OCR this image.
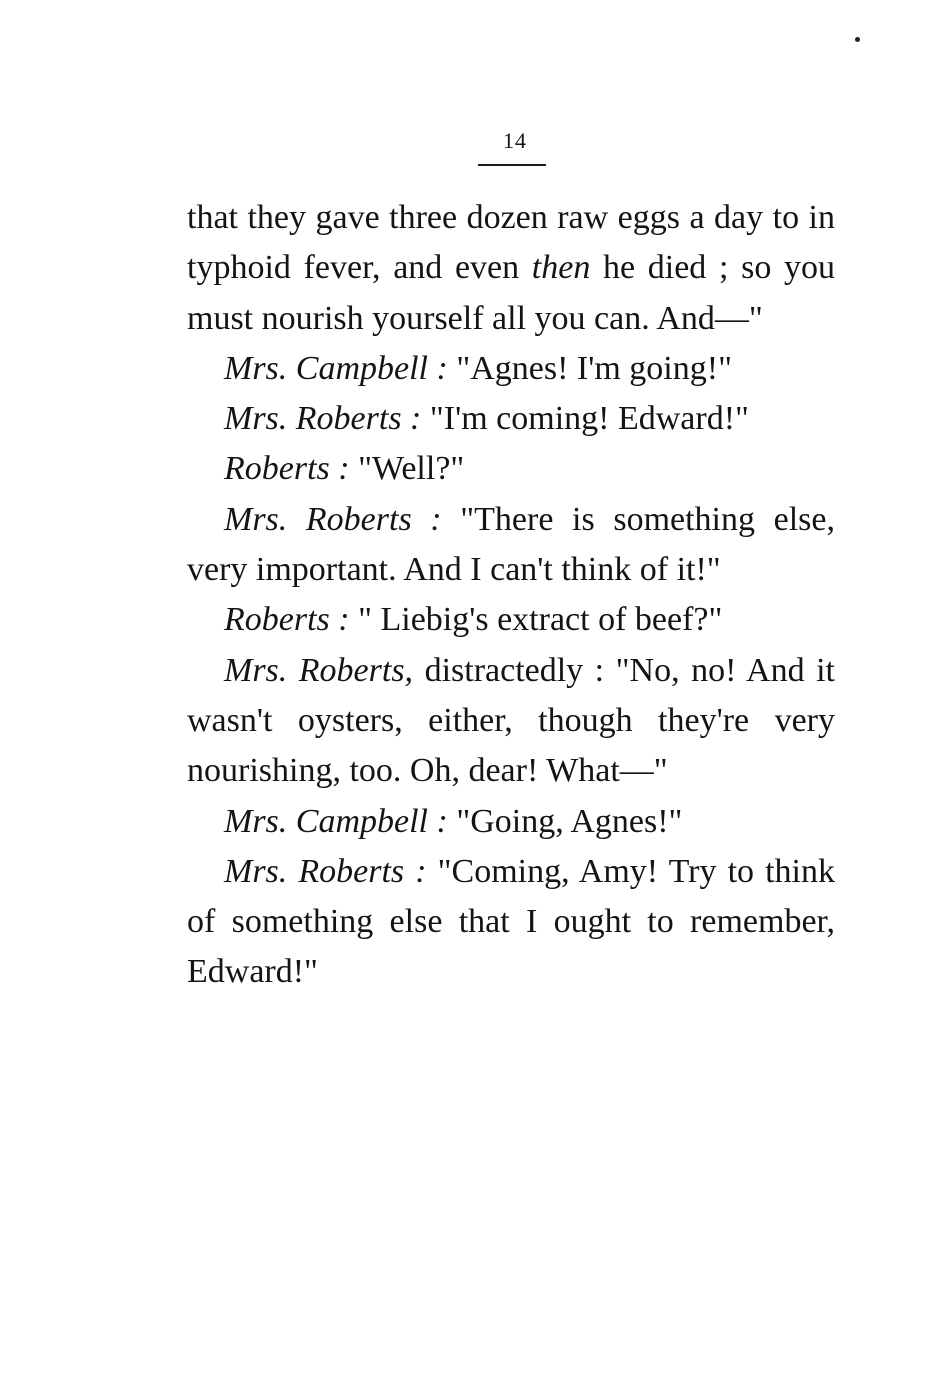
14

that they gave three dozen raw eggs a day to in typhoid fever, and even then he died ; so you must nourish yourself all you can. And—"

Mrs. Campbell : "Agnes! I'm going!"

Mrs. Roberts : "I'm coming! Edward!"

Roberts : "Well?"

Mrs. Roberts : "There is something else, very important. And I can't think of it!"

Roberts : " Liebig's extract of beef?"

Mrs. Roberts, distractedly : "No, no! And it wasn't oysters, either, though they're very nourishing, too. Oh, dear! What—"

Mrs. Campbell : "Going, Agnes!"

Mrs. Roberts : "Coming, Amy! Try to think of something else that I ought to remember, Edward!"
